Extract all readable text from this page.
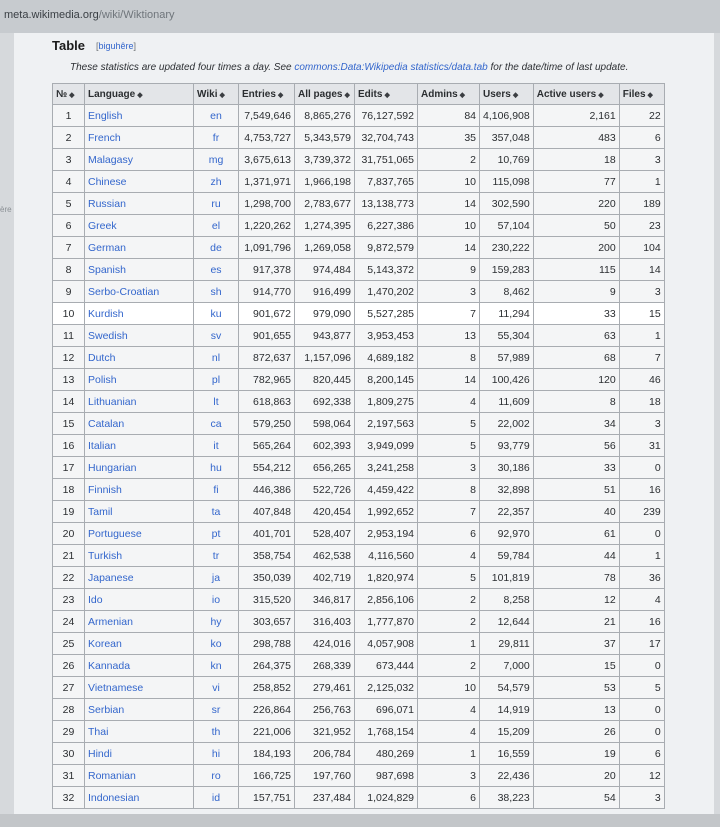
meta.wikimedia.org/wiki/Wiktionary
ère
Table [biguhêre]
These statistics are updated four times a day. See commons:Data:Wikipedia statistics/data.tab for the date/time of last update.
№ ◆	Language ◆	Wiki ◆	Entries ◆	All pages ◆	Edits ◆	Admins ◆	Users ◆	Active users ◆	Files ◆
1	English	en	7,549,646	8,865,276	76,127,592	84	4,106,908	2,161	22
2	French	fr	4,753,727	5,343,579	32,704,743	35	357,048	483	6
3	Malagasy	mg	3,675,613	3,739,372	31,751,065	2	10,769	18	3
4	Chinese	zh	1,371,971	1,966,198	7,837,765	10	115,098	77	1
5	Russian	ru	1,298,700	2,783,677	13,138,773	14	302,590	220	189
6	Greek	el	1,220,262	1,274,395	6,227,386	10	57,104	50	23
7	German	de	1,091,796	1,269,058	9,872,579	14	230,222	200	104
8	Spanish	es	917,378	974,484	5,143,372	9	159,283	115	14
9	Serbo-Croatian	sh	914,770	916,499	1,470,202	3	8,462	9	3
10	Kurdish	ku	901,672	979,090	5,527,285	7	11,294	33	15
11	Swedish	sv	901,655	943,877	3,953,453	13	55,304	63	1
12	Dutch	nl	872,637	1,157,096	4,689,182	8	57,989	68	7
13	Polish	pl	782,965	820,445	8,200,145	14	100,426	120	46
14	Lithuanian	lt	618,863	692,338	1,809,275	4	11,609	8	18
15	Catalan	ca	579,250	598,064	2,197,563	5	22,002	34	3
16	Italian	it	565,264	602,393	3,949,099	5	93,779	56	31
17	Hungarian	hu	554,212	656,265	3,241,258	3	30,186	33	0
18	Finnish	fi	446,386	522,726	4,459,422	8	32,898	51	16
19	Tamil	ta	407,848	420,454	1,992,652	7	22,357	40	239
20	Portuguese	pt	401,701	528,407	2,953,194	6	92,970	61	0
21	Turkish	tr	358,754	462,538	4,116,560	4	59,784	44	1
22	Japanese	ja	350,039	402,719	1,820,974	5	101,819	78	36
23	Ido	io	315,520	346,817	2,856,106	2	8,258	12	4
24	Armenian	hy	303,657	316,403	1,777,870	2	12,644	21	16
25	Korean	ko	298,788	424,016	4,057,908	1	29,811	37	17
26	Kannada	kn	264,375	268,339	673,444	2	7,000	15	0
27	Vietnamese	vi	258,852	279,461	2,125,032	10	54,579	53	5
28	Serbian	sr	226,864	256,763	696,071	4	14,919	13	0
29	Thai	th	221,006	321,952	1,768,154	4	15,209	26	0
30	Hindi	hi	184,193	206,784	480,269	1	16,559	19	6
31	Romanian	ro	166,725	197,760	987,698	3	22,436	20	12
32	Indonesian	id	157,751	237,484	1,024,829	6	38,223	54	3
